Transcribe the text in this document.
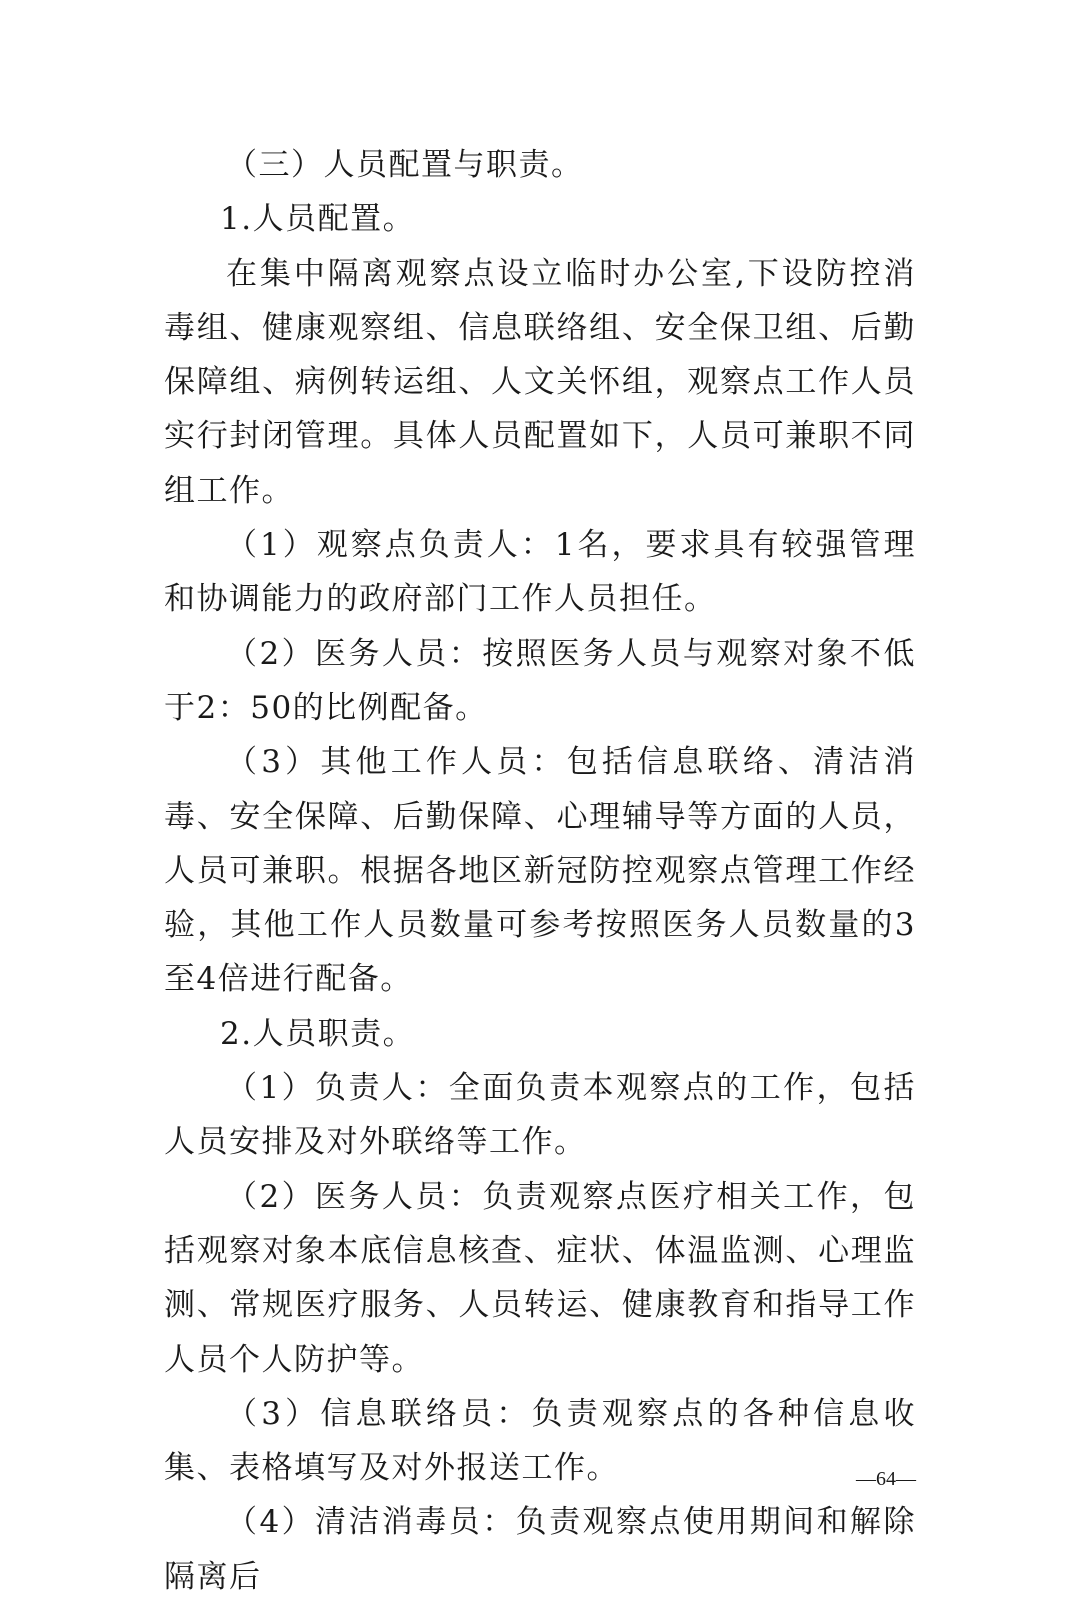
（三）人员配置与职责。

1.人员配置。

在集中隔离观察点设立临时办公室,下设防控消毒组、健康观察组、信息联络组、安全保卫组、后勤保障组、病例转运组、人文关怀组，观察点工作人员实行封闭管理。具体人员配置如下，人员可兼职不同组工作。

（1）观察点负责人：1名，要求具有较强管理和协调能力的政府部门工作人员担任。

（2）医务人员：按照医务人员与观察对象不低于2：50的比例配备。

（3）其他工作人员：包括信息联络、清洁消毒、安全保障、后勤保障、心理辅导等方面的人员，人员可兼职。根据各地区新冠防控观察点管理工作经验，其他工作人员数量可参考按照医务人员数量的3至4倍进行配备。

2.人员职责。

（1）负责人：全面负责本观察点的工作，包括人员安排及对外联络等工作。

（2）医务人员：负责观察点医疗相关工作，包括观察对象本底信息核查、症状、体温监测、心理监测、常规医疗服务、人员转运、健康教育和指导工作人员个人防护等。

（3）信息联络员：负责观察点的各种信息收集、表格填写及对外报送工作。

（4）清洁消毒员：负责观察点使用期间和解除隔离后

—64—
